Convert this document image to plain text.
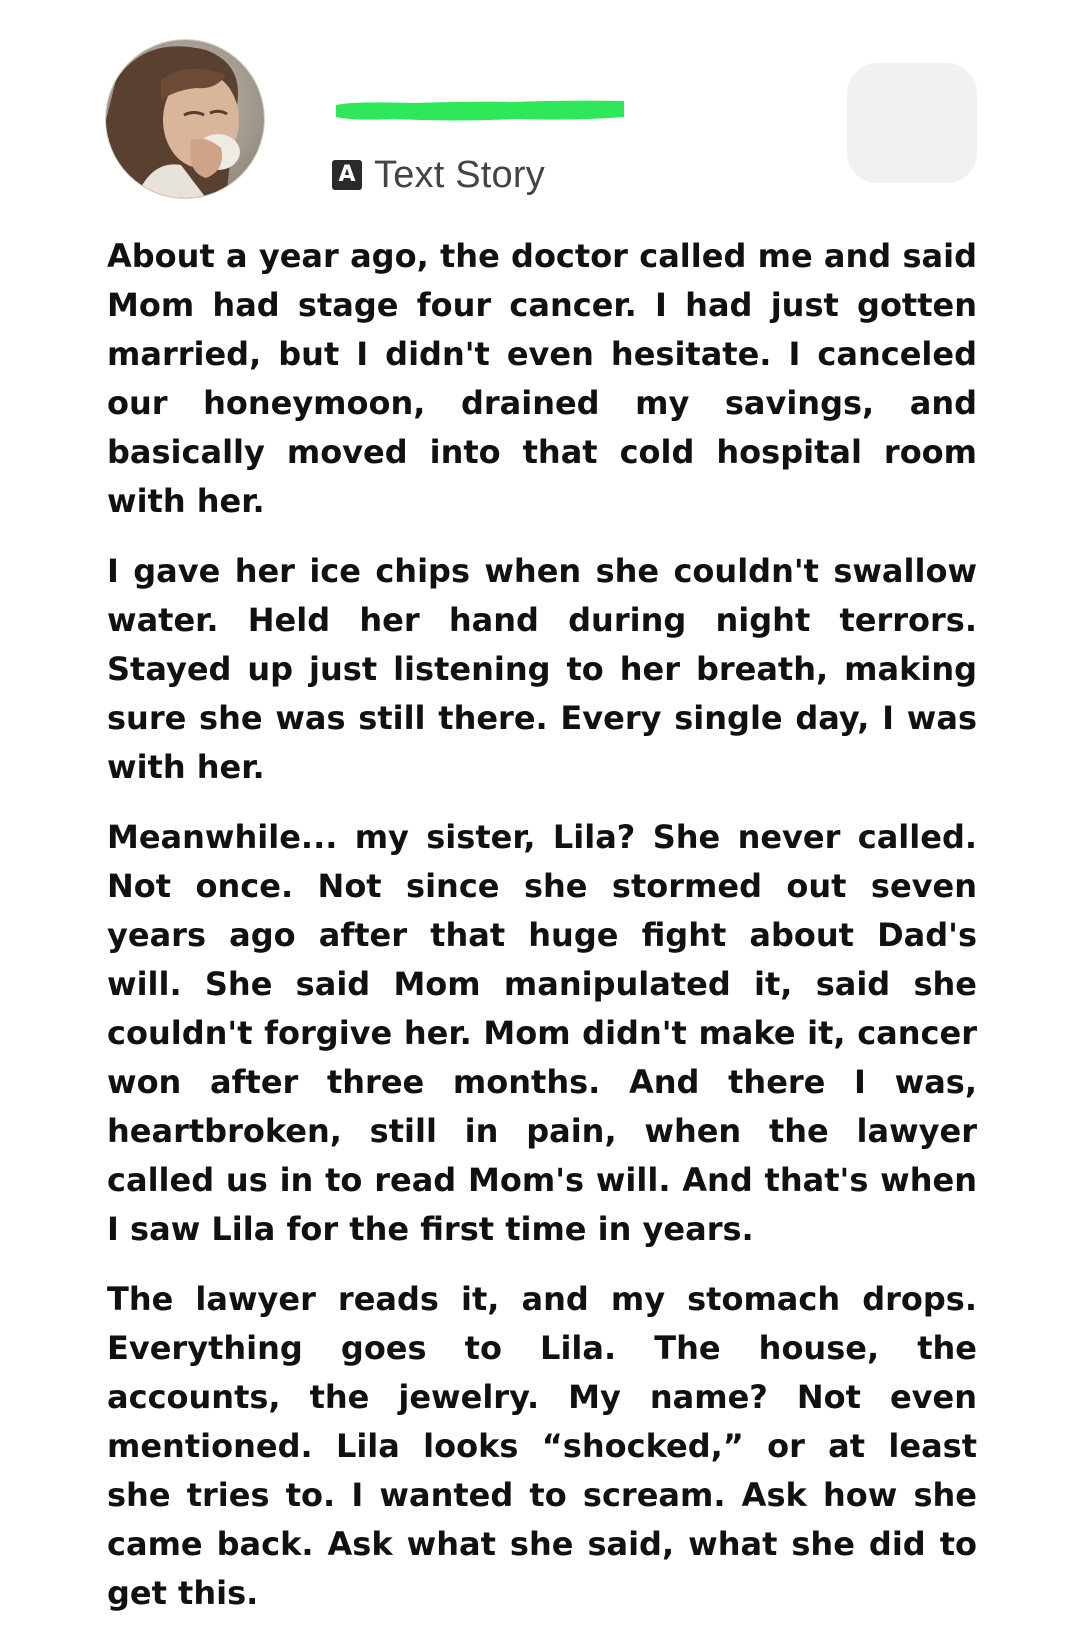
A Text Story

About a year ago, the doctor called me and said Mom had stage four cancer. I had just gotten married, but I didn't even hesitate. I canceled our honeymoon, drained my savings, and basically moved into that cold hospital room with her.

I gave her ice chips when she couldn't swallow water. Held her hand during night terrors. Stayed up just listening to her breath, making sure she was still there. Every single day, I was with her.

Meanwhile... my sister, Lila? She never called. Not once. Not since she stormed out seven years ago after that huge fight about Dad's will. She said Mom manipulated it, said she couldn't forgive her. Mom didn't make it, cancer won after three months. And there I was, heartbroken, still in pain, when the lawyer called us in to read Mom's will. And that's when I saw Lila for the first time in years.

The lawyer reads it, and my stomach drops. Everything goes to Lila. The house, the accounts, the jewelry. My name? Not even mentioned. Lila looks “shocked,” or at least she tries to. I wanted to scream. Ask how she came back. Ask what she said, what she did to get this.
